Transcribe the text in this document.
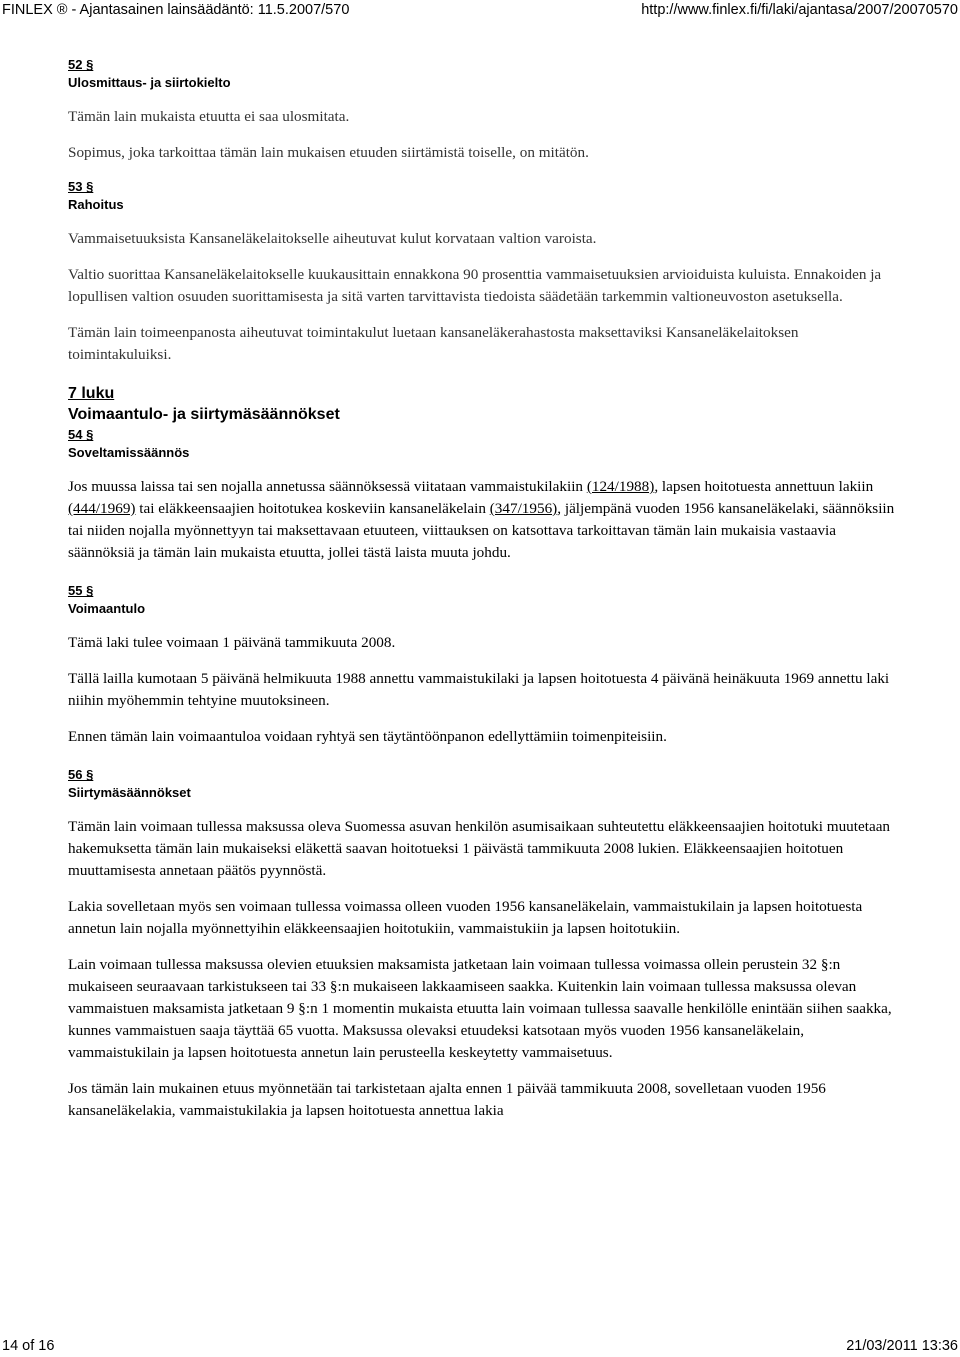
FINLEX ® - Ajantasainen lainsäädäntö: 11.5.2007/570	http://www.finlex.fi/fi/laki/ajantasa/2007/20070570
52 §
Ulosmittaus- ja siirtokielto

Tämän lain mukaista etuutta ei saa ulosmitata.

Sopimus, joka tarkoittaa tämän lain mukaisen etuuden siirtämistä toiselle, on mitätön.

53 §
Rahoitus

Vammaisetuuksista Kansaneläkelaitokselle aiheutuvat kulut korvataan valtion varoista.

Valtio suorittaa Kansaneläkelaitokselle kuukausittain ennakkona 90 prosenttia vammaisetuuksien arvioiduista kuluista. Ennakoiden ja lopullisen valtion osuuden suorittamisesta ja sitä varten tarvittavista tiedoista säädetään tarkemmin valtioneuvoston asetuksella.

Tämän lain toimeenpanosta aiheutuvat toimintakulut luetaan kansaneläkerahastosta maksettaviksi Kansaneläkelaitoksen toimintakuluiksi.

7 luku
Voimaantulo- ja siirtymäsäännökset
54 §
Soveltamissäännös

Jos muussa laissa tai sen nojalla annetussa säännöksessä viitataan vammaistukilakiin (124/1988), lapsen hoitotuesta annettuun lakiin (444/1969) tai eläkkeensaajien hoitotukea koskeviin kansaneläkelain (347/1956), jäljempänä vuoden 1956 kansaneläkelaki, säännöksiin tai niiden nojalla myönnettyyn tai maksettavaan etuuteen, viittauksen on katsottava tarkoittavan tämän lain mukaisia vastaavia säännöksiä ja tämän lain mukaista etuutta, jollei tästä laista muuta johdu.

55 §
Voimaantulo

Tämä laki tulee voimaan 1 päivänä tammikuuta 2008.

Tällä lailla kumotaan 5 päivänä helmikuuta 1988 annettu vammaistukilaki ja lapsen hoitotuesta 4 päivänä heinäkuuta 1969 annettu laki niihin myöhemmin tehtyine muutoksineen.

Ennen tämän lain voimaantuloa voidaan ryhtyä sen täytäntöönpanon edellyttämiin toimenpiteisiin.

56 §
Siirtymäsäännökset

Tämän lain voimaan tullessa maksussa oleva Suomessa asuvan henkilön asumisaikaan suhteutettu eläkkeensaajien hoitotuki muutetaan hakemuksetta tämän lain mukaiseksi eläkettä saavan hoitotueksi 1 päivästä tammikuuta 2008 lukien. Eläkkeensaajien hoitotuen muuttamisesta annetaan päätös pyynnöstä.

Lakia sovelletaan myös sen voimaan tullessa voimassa olleen vuoden 1956 kansaneläkelain, vammaistukilain ja lapsen hoitotuesta annetun lain nojalla myönnettyihin eläkkeensaajien hoitotukiin, vammaistukiin ja lapsen hoitotukiin.

Lain voimaan tullessa maksussa olevien etuuksien maksamista jatketaan lain voimaan tullessa voimassa ollein perustein 32 §:n mukaiseen seuraavaan tarkistukseen tai 33 §:n mukaiseen lakkaamiseen saakka. Kuitenkin lain voimaan tullessa maksussa olevan vammaistuen maksamista jatketaan 9 §:n 1 momentin mukaista etuutta lain voimaan tullessa saavalle henkilölle enintään siihen saakka, kunnes vammaistuen saaja täyttää 65 vuotta. Maksussa olevaksi etuudeksi katsotaan myös vuoden 1956 kansaneläkelain, vammaistukilain ja lapsen hoitotuesta annetun lain perusteella keskeytetty vammaisetuus.

Jos tämän lain mukainen etuus myönnetään tai tarkistetaan ajalta ennen 1 päivää tammikuuta 2008, sovelletaan vuoden 1956 kansaneläkelakia, vammaistukilakia ja lapsen hoitotuesta annettua lakia

14 of 16	21/03/2011 13:36
